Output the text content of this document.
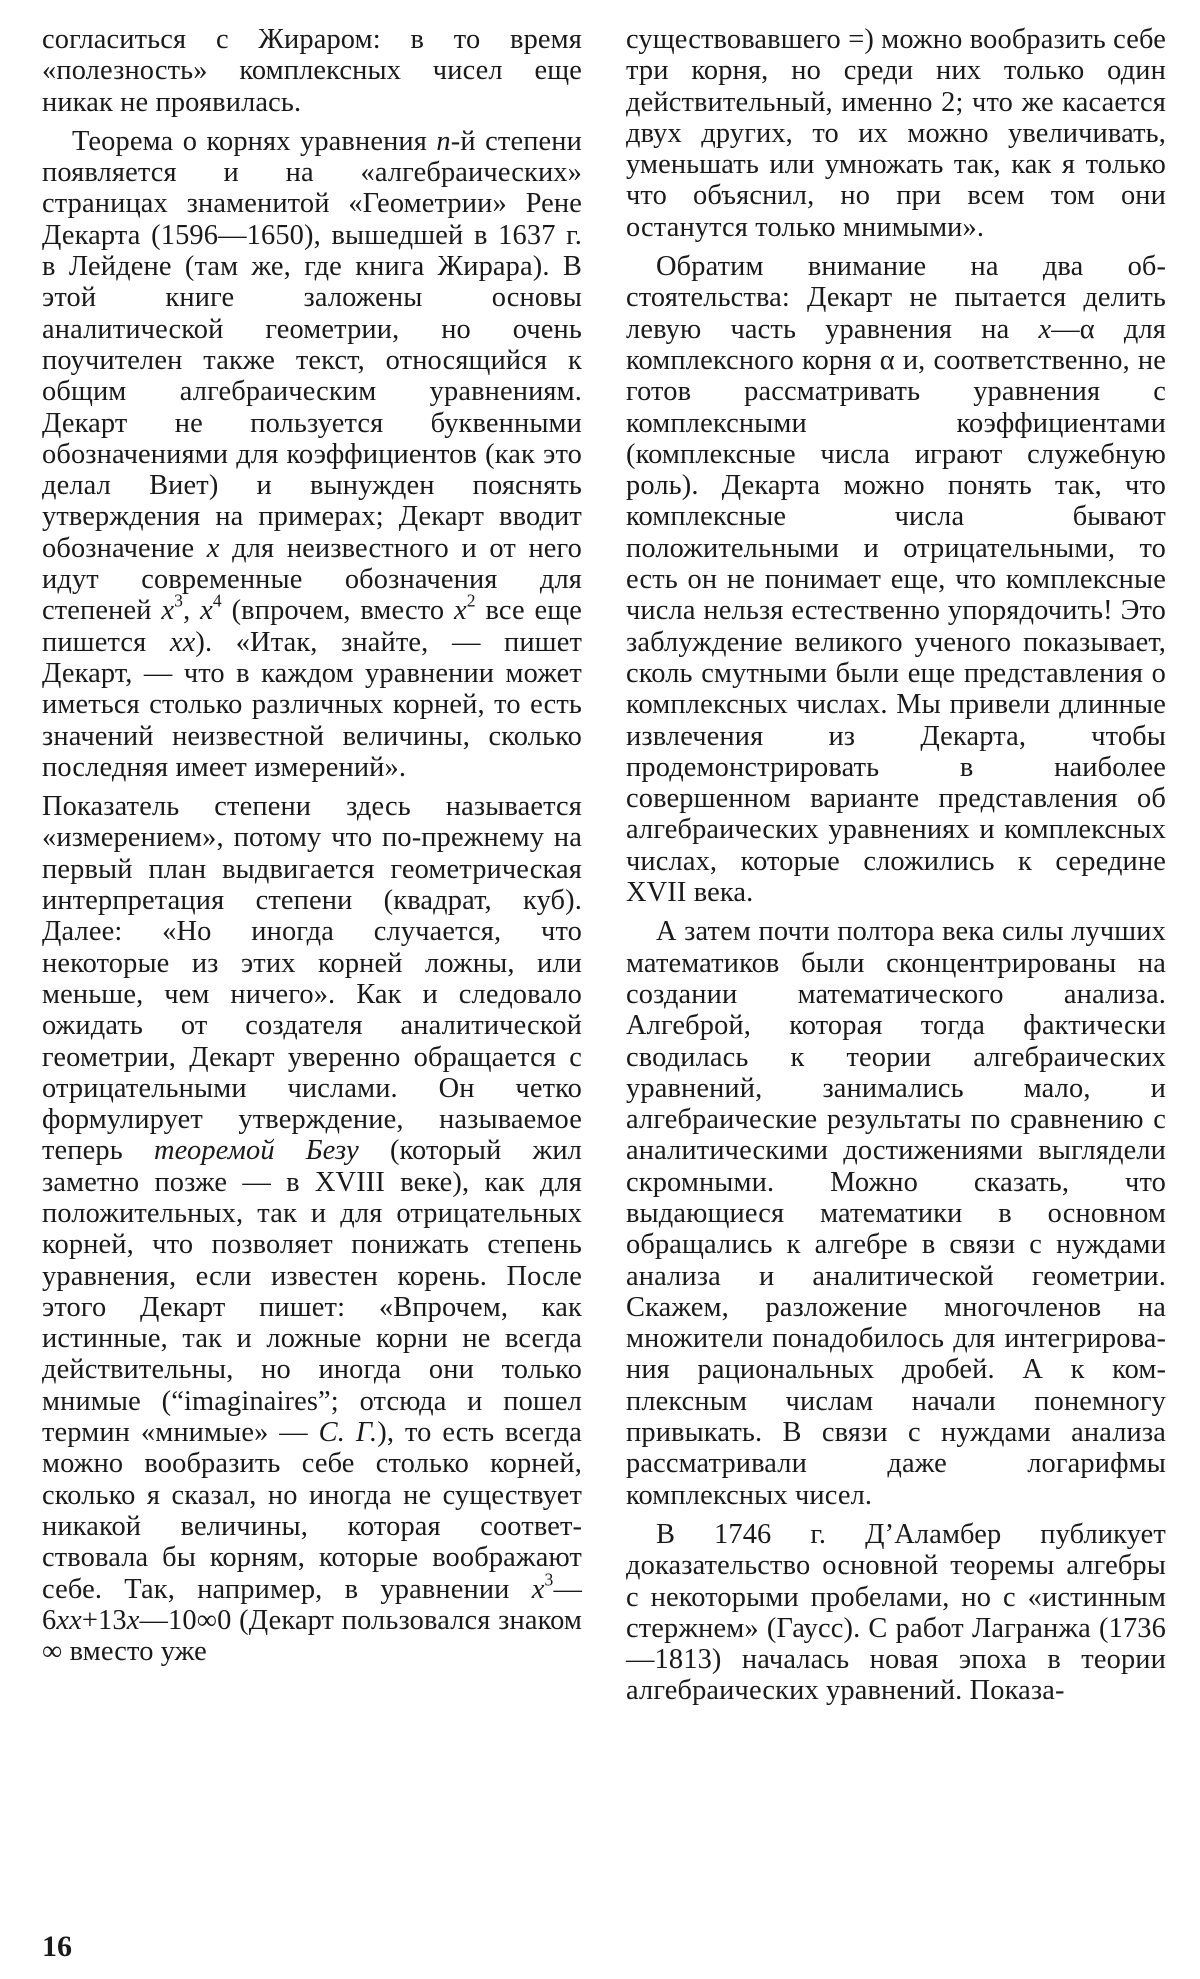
согласиться с Жираром: в то время «полезность» комплексных чисел еще никак не проявилась.

Теорема о корнях уравнения n-й степени появляется и на «алгебраических» страницах знаменитой «Геометрии» Рене Декарта (1596—1650), вышедшей в 1637 г. в Лейдене (там же, где книга Жирара). В этой книге заложены основы аналитической геометрии, но очень поучителен также текст, относящийся к общим алгебраическим уравнениям. Декарт не пользуется буквенными обозначениями для коэффициентов (как это делал Виет) и вынужден пояснять утверждения на примерах; Декарт вводит обозначение x для неизвестного и от него идут современные обозначения для степеней $x^3$, $x^4$ (впрочем, вместо $x^2$ все еще пишется xx). «Итак, знайте, — пишет Декарт, — что в каждом уравнении может иметься столько различных корней, то есть значений неизвестной величины, сколько последняя имеет измерений».

Показатель степени здесь называется «измерением», потому что по-прежнему на первый план выдвигается геометрическая интерпретация степени (квадрат, куб). Далее: «Но иногда случается, что некоторые из этих корней ложны, или меньше, чем ничего». Как и следовало ожидать от создателя аналитической геометрии, Декарт уверенно обращается с отрицательными числами. Он четко формулирует утверждение, называемое теперь теоремой Безу (который жил заметно позже — в XVIII веке), как для положительных, так и для отрицательных корней, что позволяет понижать степень уравнения, если известен корень. После этого Декарт пишет: «Впрочем, как истинные, так и ложные корни не всегда действительны, но иногда они только мнимые (“imaginaires”; отсюда и пошел термин «мнимые» — С. Г.), то есть всегда можно вообразить себе столько корней, сколько я сказал, но иногда не существует никакой величины, которая соответствовала бы корням, которые воображают себе. Так, например, в уравнении $x^3—6xx+13x—10\infty 0$ (Декарт пользовался знаком ∞ вместо уже

существовавшего =) можно вообразить себе три корня, но среди них только один действительный, именно 2; что же касается двух других, то их можно увеличивать, уменьшать или умножать так, как я только что объяснил, но при всем том они останутся только мнимыми».

Обратим внимание на два обстоятельства: Декарт не пытается делить левую часть уравнения на x—α для комплексного корня α и, соответственно, не готов рассматривать уравнения с комплексными коэффициентами (комплексные числа играют служебную роль). Декарта можно понять так, что комплексные числа бывают положительными и отрицательными, то есть он не понимает еще, что комплексные числа нельзя естественно упорядочить! Это заблуждение великого ученого показывает, сколь смутными были еще представления о комплексных числах. Мы привели длинные извлечения из Декарта, чтобы продемонстрировать в наиболее совершенном варианте представления об алгебраических уравнениях и комплексных числах, которые сложились к середине XVII века.

А затем почти полтора века силы лучших математиков были сконцентрированы на создании математического анализа. Алгеброй, которая тогда фактически сводилась к теории алгебраических уравнений, занимались мало, и алгебраические результаты по сравнению с аналитическими достижениями выглядели скромными. Можно сказать, что выдающиеся математики в основном обращались к алгебре в связи с нуждами анализа и аналитической геометрии. Скажем, разложение многочленов на множители понадобилось для интегрирования рациональных дробей. А к комплексным числам начали понемногу привыкать. В связи с нуждами анализа рассматривали даже логарифмы комплексных чисел.

В 1746 г. Д’Аламбер публикует доказательство основной теоремы алгебры с некоторыми пробелами, но с «истинным стержнем» (Гаусс). С работ Лагранжа (1736—1813) началась новая эпоха в теории алгебраических уравнений. Показа-

16
